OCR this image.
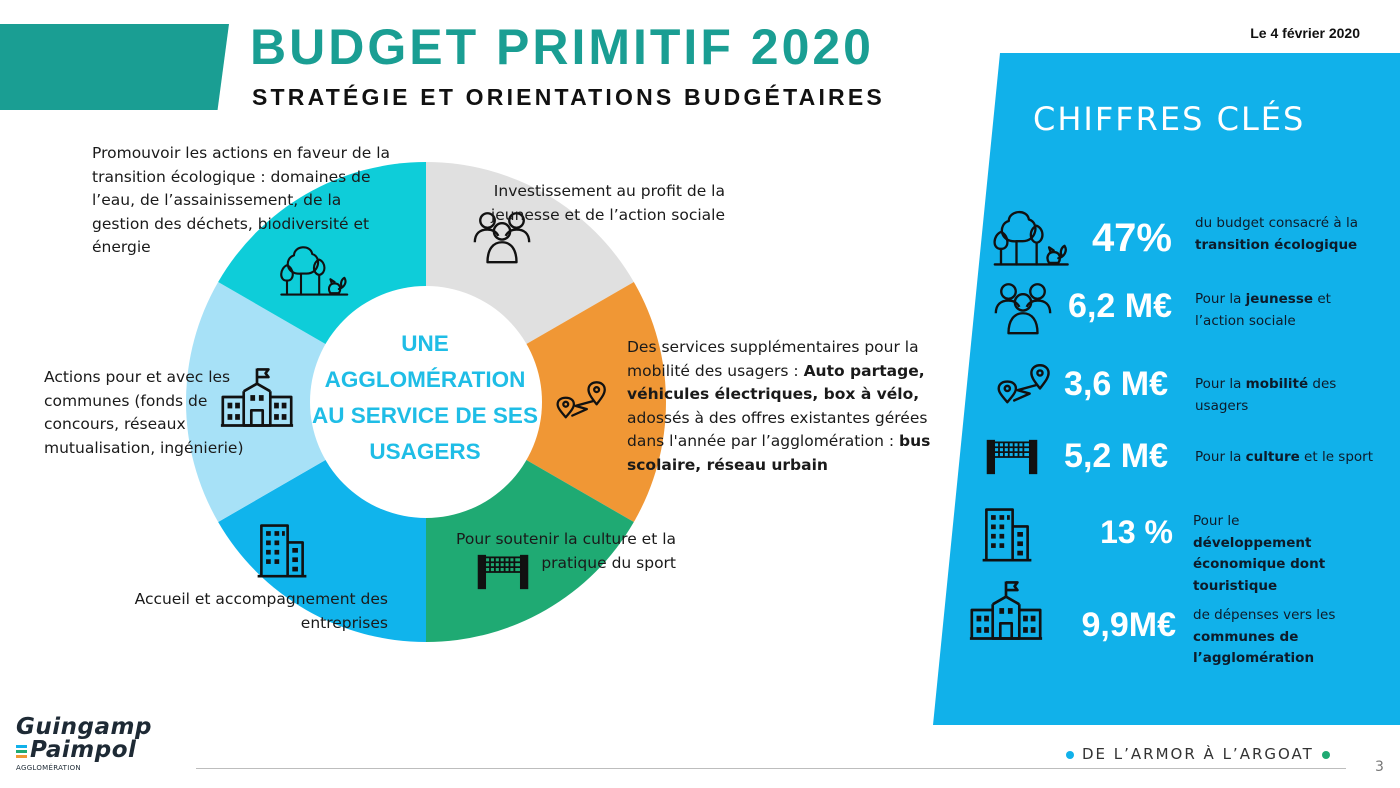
BUDGET PRIMITIF 2020
STRATÉGIE ET ORIENTATIONS BUDGÉTAIRES
Le 4 février 2020
UNE
AGGLOMÉRATION
AU SERVICE DE SES
USAGERS
Promouvoir les actions en faveur de la transition écologique : domaines de l’eau, de l’assainissement, de la gestion des déchets, biodiversité et énergie
Investissement au profit de la jeunesse et de l’action sociale
Des services supplémentaires pour la mobilité des usagers : Auto partage, véhicules électriques, box à vélo, adossés à des offres existantes gérées dans l'année par l’agglomération : bus scolaire, réseau urbain
Pour soutenir la culture et la pratique du sport
Accueil et accompagnement des entreprises
Actions pour et avec les communes (fonds de concours, réseaux mutualisation, ingénierie)
CHIFFRES CLÉS
47% du budget consacré à la transition écologique
6,2 M€ Pour la jeunesse et l’action sociale
3,6 M€ Pour la mobilité des usagers
5,2 M€ Pour la culture et le sport
13 % Pour le développement économique dont touristique
9,9M€ de dépenses vers les communes de l’agglomération
Guingamp
Paimpol
AGGLOMÉRATION
DE L’ARMOR À L’ARGOAT
3
